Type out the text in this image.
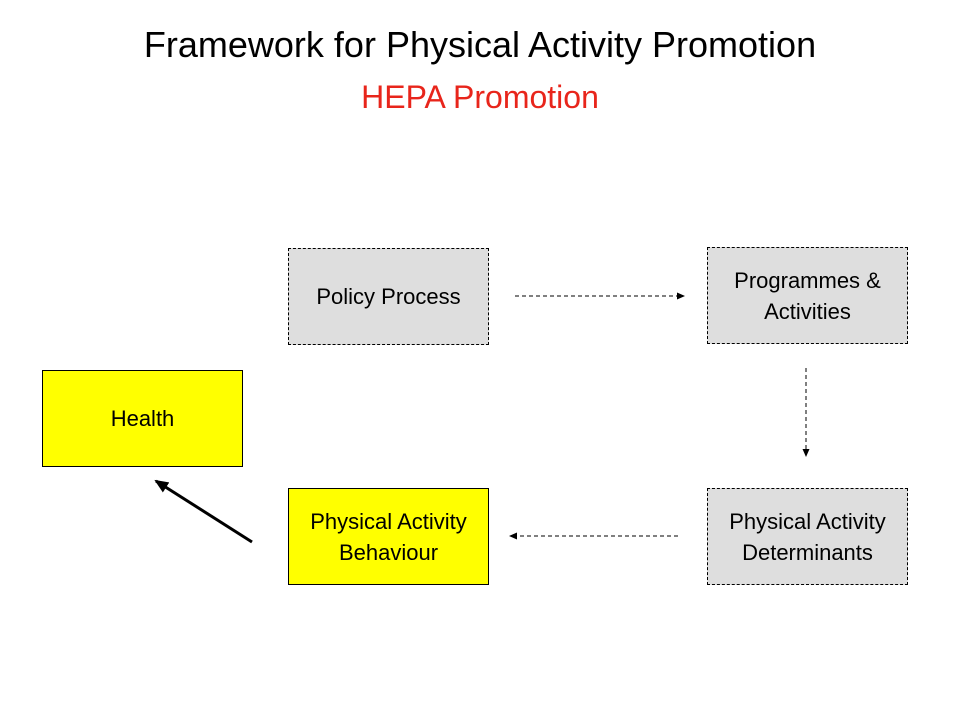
Framework for Physical Activity Promotion
HEPA Promotion
Policy Process
Programmes &
Activities
Health
Physical Activity
Behaviour
Physical Activity
Determinants
